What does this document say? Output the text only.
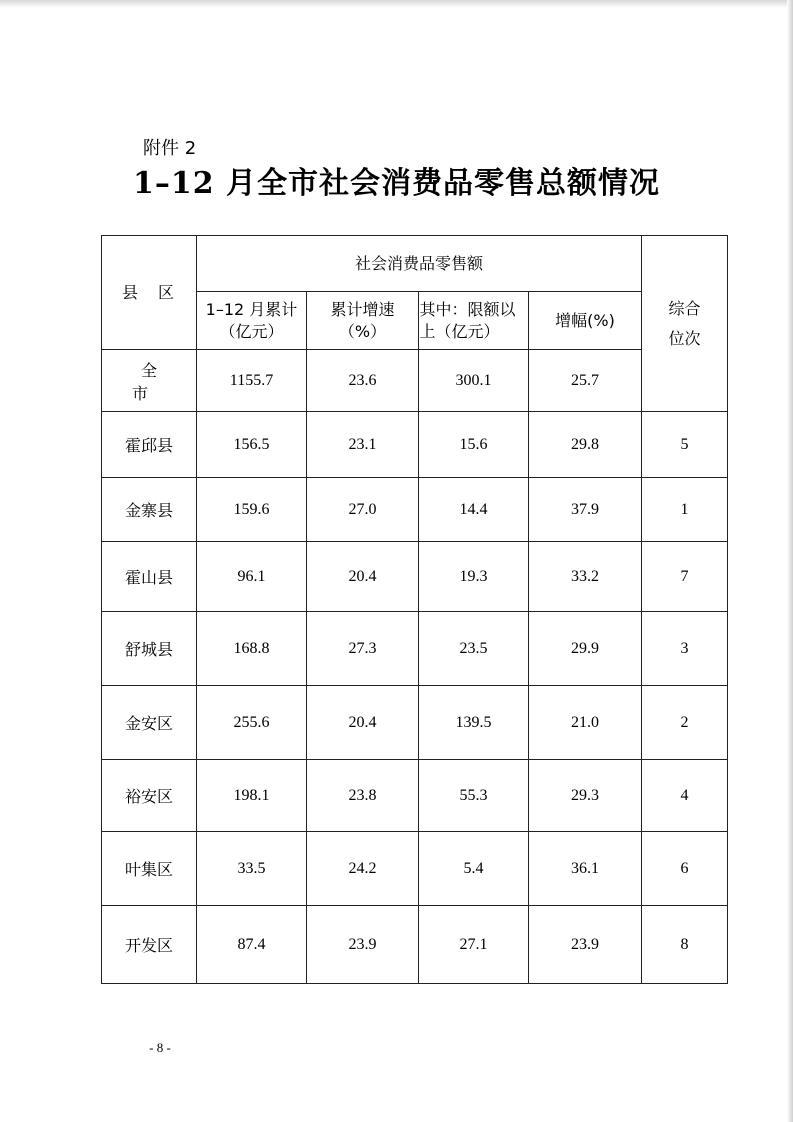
附件 2
1–12 月全市社会消费品零售总额情况
县　区	社会消费品零售额				综合位次

	1–12 月累计（亿元）	累计增速（%）	其中：限额以上（亿元）	增幅(%)	
全　市	1155.7	23.6	300.1	25.7	
霍邱县	156.5	23.1	15.6	29.8	5
金寨县	159.6	27.0	14.4	37.9	1
霍山县	96.1	20.4	19.3	33.2	7
舒城县	168.8	27.3	23.5	29.9	3
金安区	255.6	20.4	139.5	21.0	2
裕安区	198.1	23.8	55.3	29.3	4
叶集区	33.5	24.2	5.4	36.1	6
开发区	87.4	23.9	27.1	23.9	8
- 8 -
